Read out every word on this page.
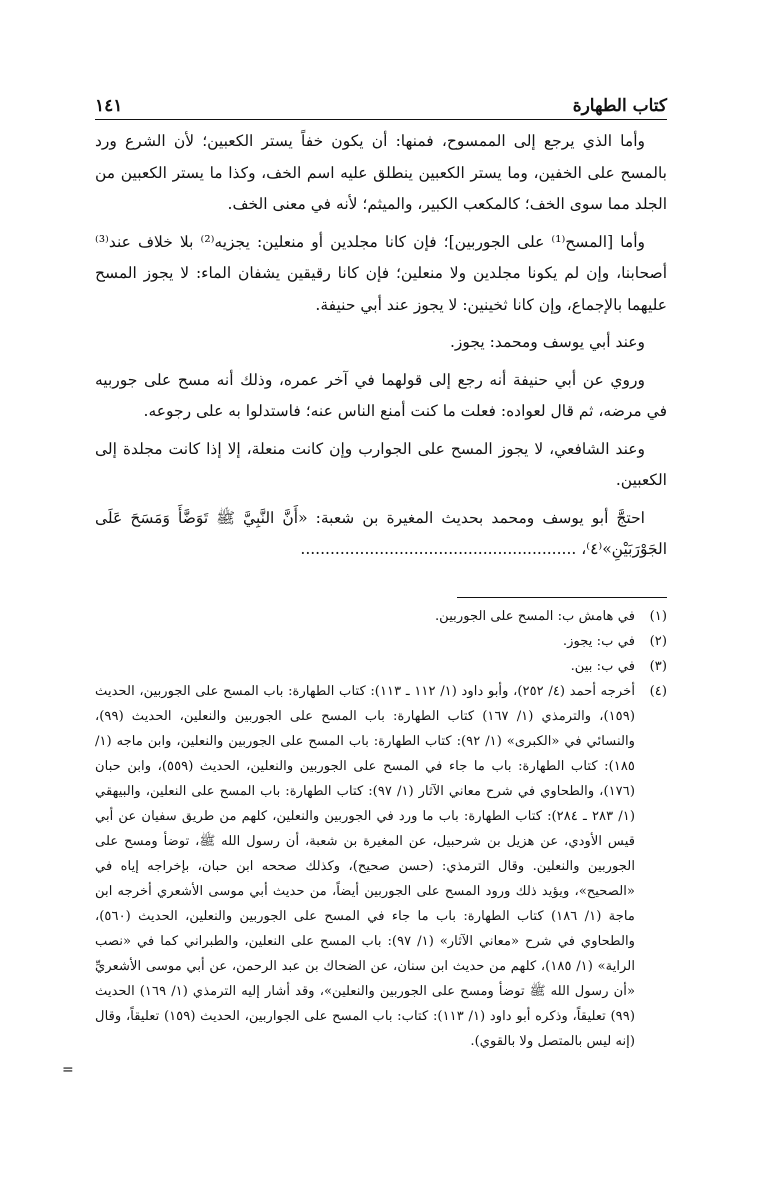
كتاب الطهارة
١٤١

وأما الذي يرجع إلى الممسوح، فمنها: أن يكون خفاً يستر الكعبين؛ لأن الشرع ورد بالمسح على الخفين، وما يستر الكعبين ينطلق عليه اسم الخف، وكذا ما يستر الكعبين من الجلد مما سوى الخف؛ كالمكعب الكبير، والميثم؛ لأنه في معنى الخف.

وأما [المسح⁽¹⁾ على الجوربين]؛ فإن كانا مجلدين أو منعلين: يجزيه⁽²⁾ بلا خلاف عند⁽³⁾ أصحابنا، وإن لم يكونا مجلدين ولا منعلين؛ فإن كانا رقيقين يشفان الماء: لا يجوز المسح عليهما بالإجماع، وإن كانا ثخينين: لا يجوز عند أبي حنيفة.

وعند أبي يوسف ومحمد: يجوز.

وروي عن أبي حنيفة أنه رجع إلى قولهما في آخر عمره، وذلك أنه مسح على جوربيه في مرضه، ثم قال لعواده: فعلت ما كنت أمنع الناس عنه؛ فاستدلوا به على رجوعه.

وعند الشافعي، لا يجوز المسح على الجوارب وإن كانت منعلة، إلا إذا كانت مجلدة إلى الكعبين.

احتجَّ أبو يوسف ومحمد بحديث المغيرة بن شعبة: «أَنَّ النَّبِيَّ ﷺ تَوَضَّأَ وَمَسَحَ عَلَى الجَوْرَبَيْنِ»⁽٤⁾، ........................................................

(١)
في هامش ب: المسح على الجوربين.
(٢)
في ب: يجوز.
(٣)
في ب: بين.
(٤)
أخرجه أحمد (٤/ ٢٥٢)، وأبو داود (١/ ١١٢ ـ ١١٣): كتاب الطهارة: باب المسح على الجوربين، الحديث (١٥٩)، والترمذي (١/ ١٦٧) كتاب الطهارة: باب المسح على الجوربين والنعلين، الحديث (٩٩)، والنسائي في «الكبرى» (١/ ٩٢): كتاب الطهارة: باب المسح على الجوربين والنعلين، وابن ماجه (١/ ١٨٥): كتاب الطهارة: باب ما جاء في المسح على الجوربين والنعلين، الحديث (٥٥٩)، وابن حبان (١٧٦)، والطحاوي في شرح معاني الآثار (١/ ٩٧): كتاب الطهارة: باب المسح على النعلين، والبيهقي (١/ ٢٨٣ ـ ٢٨٤): كتاب الطهارة: باب ما ورد في الجوربين والنعلين، كلهم من طريق سفيان عن أبي قيس الأودي، عن هزيل بن شرحبيل، عن المغيرة بن شعبة، أن رسول الله ﷺ، توضأ ومسح على الجوربين والنعلين. وقال الترمذي: (حسن صحيح)، وكذلك صححه ابن حبان، بإخراجه إياه في «الصحيح»، ويؤيد ذلك ورود المسح على الجوربين أيضاً، من حديث أبي موسى الأشعري أخرجه ابن ماجة (١/ ١٨٦) كتاب الطهارة: باب ما جاء في المسح على الجوربين والنعلين، الحديث (٥٦٠)، والطحاوي في شرح «معاني الآثار» (١/ ٩٧): باب المسح على النعلين، والطبراني كما في «نصب الراية» (١/ ١٨٥)، كلهم من حديث ابن سنان، عن الضحاك بن عبد الرحمن، عن أبي موسى الأشعريِّ «أن رسول الله ﷺ توضأ ومسح على الجوربين والنعلين»، وقد أشار إليه الترمذي (١/ ١٦٩) الحديث (٩٩) تعليقاً، وذكره أبو داود (١/ ١١٣): كتاب: باب المسح على الجواربين، الحديث (١٥٩) تعليقاً، وقال (إنه ليس بالمتصل ولا بالقوي).
=
